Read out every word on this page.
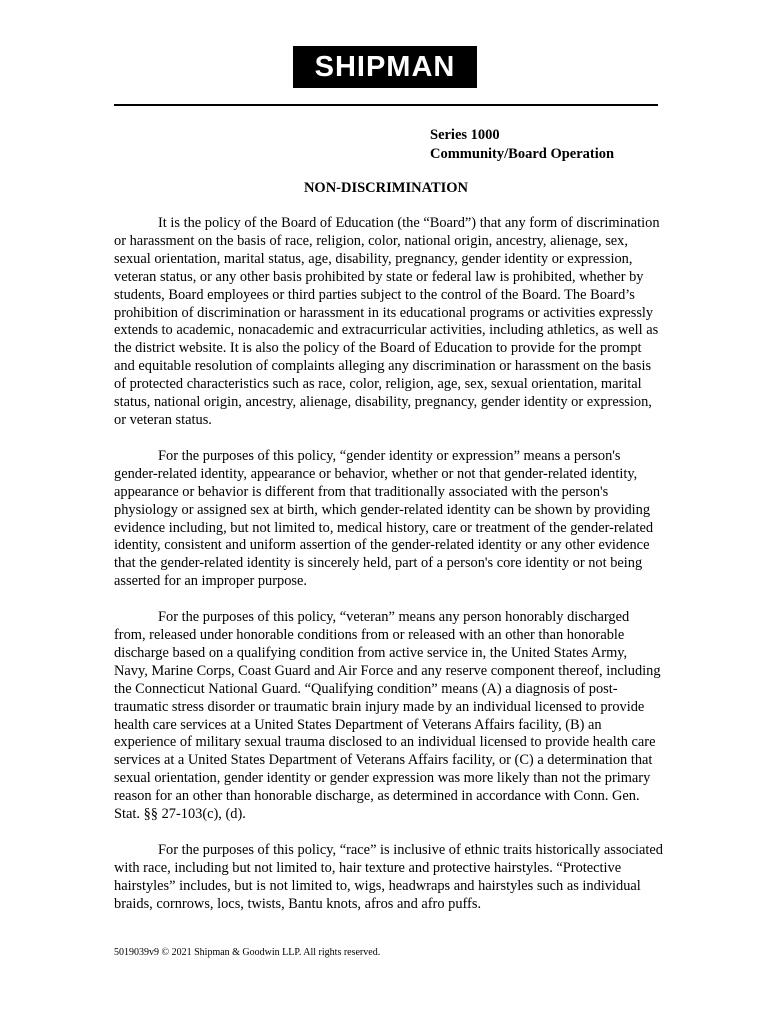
SHIPMAN
Series 1000
Community/Board Operation
NON-DISCRIMINATION

It is the policy of the Board of Education (the “Board”) that any form of discrimination or harassment on the basis of race, religion, color, national origin, ancestry, alienage, sex, sexual orientation, marital status, age, disability, pregnancy, gender identity or expression, veteran status, or any other basis prohibited by state or federal law is prohibited, whether by students, Board employees or third parties subject to the control of the Board. The Board’s prohibition of discrimination or harassment in its educational programs or activities expressly extends to academic, nonacademic and extracurricular activities, including athletics, as well as the district website. It is also the policy of the Board of Education to provide for the prompt and equitable resolution of complaints alleging any discrimination or harassment on the basis of protected characteristics such as race, color, religion, age, sex, sexual orientation, marital status, national origin, ancestry, alienage, disability, pregnancy, gender identity or expression, or veteran status.

For the purposes of this policy, “gender identity or expression” means a person's gender-related identity, appearance or behavior, whether or not that gender-related identity, appearance or behavior is different from that traditionally associated with the person's physiology or assigned sex at birth, which gender-related identity can be shown by providing evidence including, but not limited to, medical history, care or treatment of the gender-related identity, consistent and uniform assertion of the gender-related identity or any other evidence that the gender-related identity is sincerely held, part of a person's core identity or not being asserted for an improper purpose.

For the purposes of this policy, “veteran” means any person honorably discharged from, released under honorable conditions from or released with an other than honorable discharge based on a qualifying condition from active service in, the United States Army, Navy, Marine Corps, Coast Guard and Air Force and any reserve component thereof, including the Connecticut National Guard. “Qualifying condition” means (A) a diagnosis of post-traumatic stress disorder or traumatic brain injury made by an individual licensed to provide health care services at a United States Department of Veterans Affairs facility, (B) an experience of military sexual trauma disclosed to an individual licensed to provide health care services at a United States Department of Veterans Affairs facility, or (C) a determination that sexual orientation, gender identity or gender expression was more likely than not the primary reason for an other than honorable discharge, as determined in accordance with Conn. Gen. Stat. §§ 27-103(c), (d).

For the purposes of this policy, “race” is inclusive of ethnic traits historically associated with race, including but not limited to, hair texture and protective hairstyles. “Protective hairstyles” includes, but is not limited to, wigs, headwraps and hairstyles such as individual braids, cornrows, locs, twists, Bantu knots, afros and afro puffs.

5019039v9 © 2021 Shipman & Goodwin LLP. All rights reserved.
